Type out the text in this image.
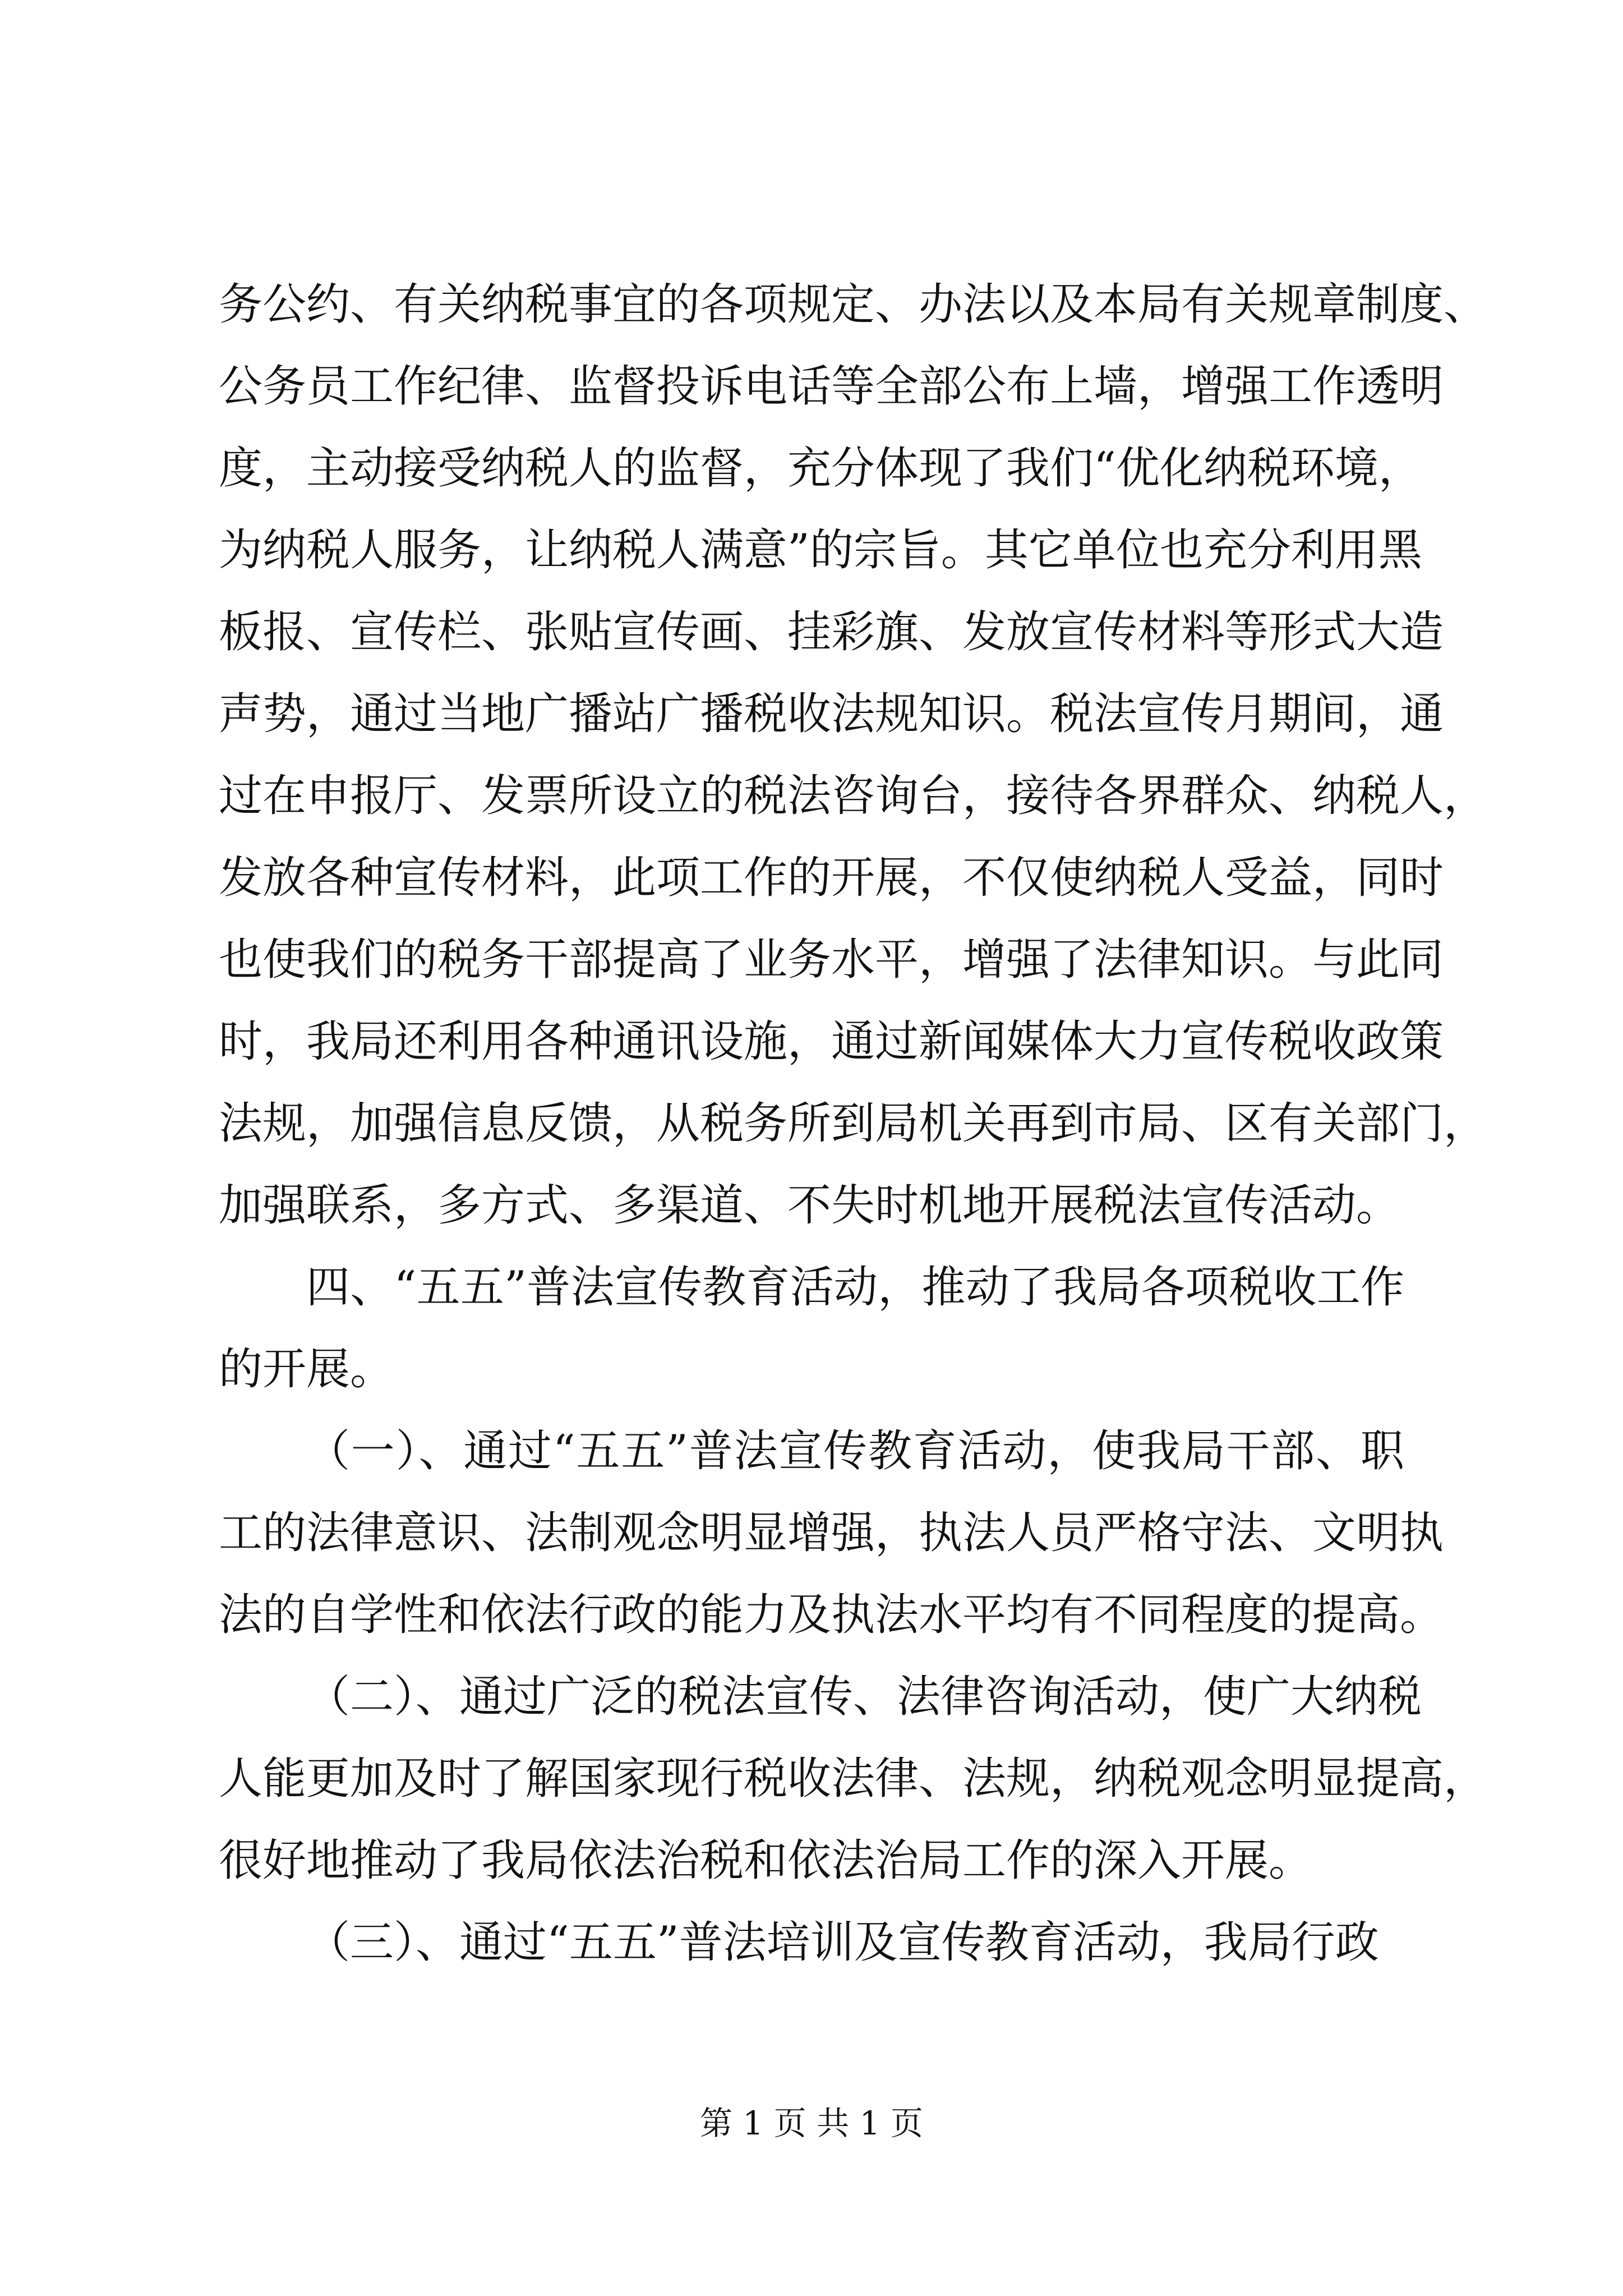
务公约、有关纳税事宜的各项规定、办法以及本局有关规章制度、
公务员工作纪律、监督投诉电话等全部公布上墙，增强工作透明
度，主动接受纳税人的监督，充分体现了我们“优化纳税环境，
为纳税人服务，让纳税人满意”的宗旨。其它单位也充分利用黑
板报、宣传栏、张贴宣传画、挂彩旗、发放宣传材料等形式大造
声势，通过当地广播站广播税收法规知识。税法宣传月期间，通
过在申报厅、发票所设立的税法咨询台，接待各界群众、纳税人，
发放各种宣传材料，此项工作的开展，不仅使纳税人受益，同时
也使我们的税务干部提高了业务水平，增强了法律知识。与此同
时，我局还利用各种通讯设施，通过新闻媒体大力宣传税收政策
法规，加强信息反馈，从税务所到局机关再到市局、区有关部门，
加强联系，多方式、多渠道、不失时机地开展税法宣传活动。
四、“五五”普法宣传教育活动，推动了我局各项税收工作
的开展。
（一）、通过“五五”普法宣传教育活动，使我局干部、职
工的法律意识、法制观念明显增强，执法人员严格守法、文明执
法的自学性和依法行政的能力及执法水平均有不同程度的提高。
（二）、通过广泛的税法宣传、法律咨询活动，使广大纳税
人能更加及时了解国家现行税收法律、法规，纳税观念明显提高，
很好地推动了我局依法治税和依法治局工作的深入开展。
（三）、通过“五五”普法培训及宣传教育活动，我局行政
第 1 页 共 1 页
